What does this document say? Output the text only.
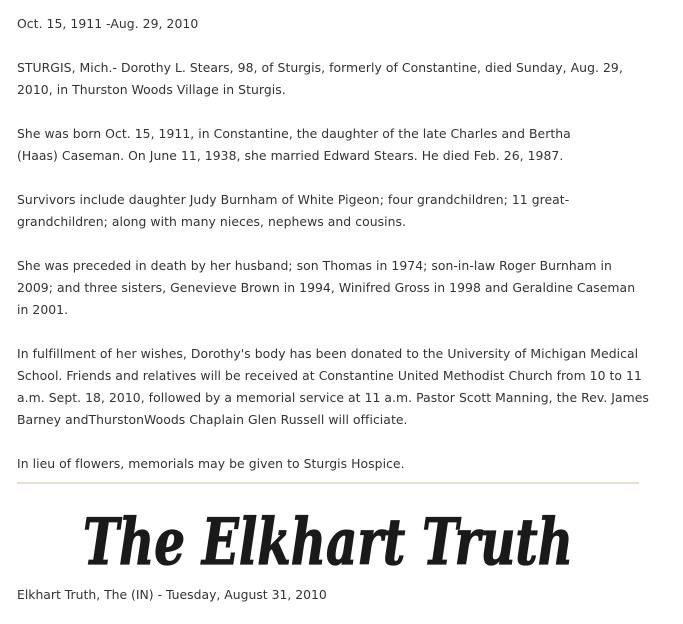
Oct. 15, 1911 -Aug. 29, 2010

STURGIS, Mich.- Dorothy L. Stears, 98, of Sturgis, formerly of Constantine, died Sunday, Aug. 29, 2010, in Thurston Woods Village in Sturgis.

She was born Oct. 15, 1911, in Constantine, the daughter of the late Charles and Bertha (Haas) Caseman. On June 11, 1938, she married Edward Stears. He died Feb. 26, 1987.

Survivors include daughter Judy Burnham of White Pigeon; four grandchildren; 11 great-grandchildren; along with many nieces, nephews and cousins.

She was preceded in death by her husband; son Thomas in 1974; son-in-law Roger Burnham in 2009; and three sisters, Genevieve Brown in 1994, Winifred Gross in 1998 and Geraldine Caseman in 2001.

In fulfillment of her wishes, Dorothy's body has been donated to the University of Michigan Medical School. Friends and relatives will be received at Constantine United Methodist Church from 10 to 11 a.m. Sept. 18, 2010, followed by a memorial service at 11 a.m. Pastor Scott Manning, the Rev. James Barney andThurstonWoods Chaplain Glen Russell will officiate.

In lieu of flowers, memorials may be given to Sturgis Hospice.

The Elkhart Truth
Elkhart Truth, The (IN) - Tuesday, August 31, 2010
